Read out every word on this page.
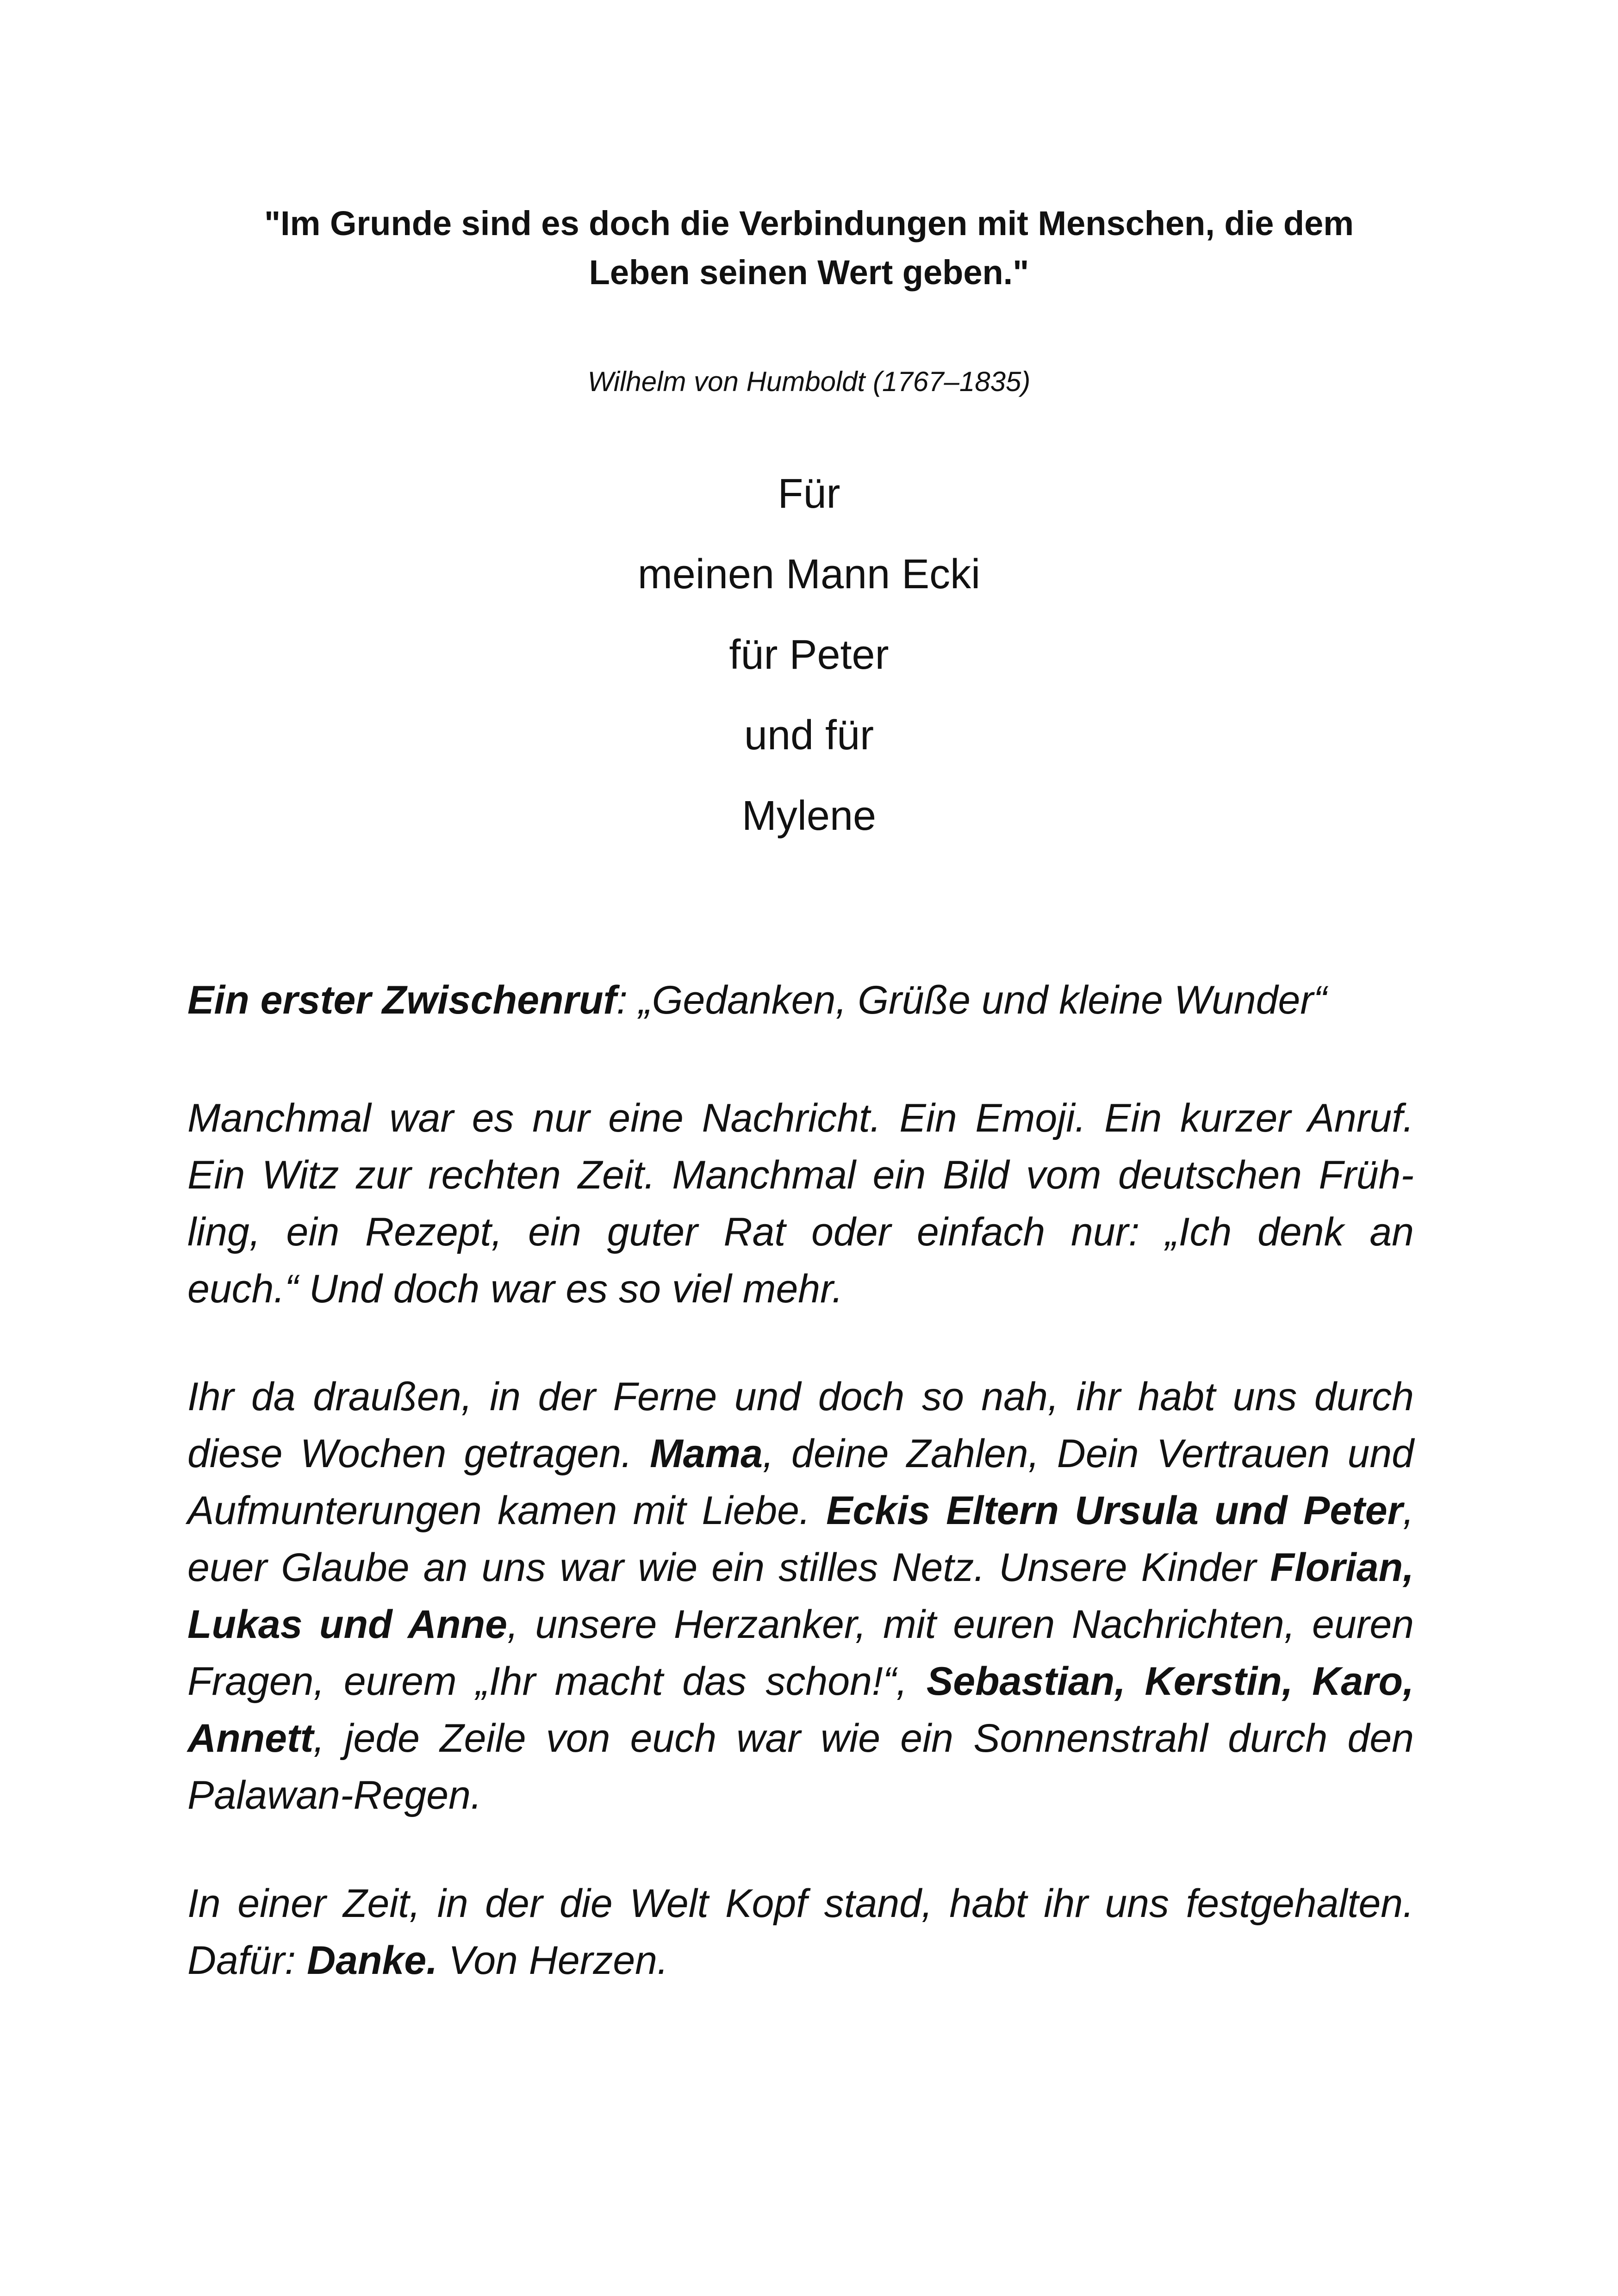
"Im Grunde sind es doch die Verbindungen mit Menschen, die dem
Leben seinen Wert geben."
Wilhelm von Humboldt (1767–1835)
Für
meinen Mann Ecki
für Peter
und für
Mylene
Ein erster Zwischenruf: „Gedanken, Grüße und kleine Wunder“
Manchmal war es nur eine Nachricht. Ein Emoji. Ein kurzer Anruf.
Ein Witz zur rechten Zeit. Manchmal ein Bild vom deutschen Früh-
ling, ein Rezept, ein guter Rat oder einfach nur: „Ich denk an
euch.“ Und doch war es so viel mehr.
Ihr da draußen, in der Ferne und doch so nah, ihr habt uns durch
diese Wochen getragen. Mama, deine Zahlen, Dein Vertrauen und
Aufmunterungen kamen mit Liebe. Eckis Eltern Ursula und Peter,
euer Glaube an uns war wie ein stilles Netz. Unsere Kinder Florian,
Lukas und Anne, unsere Herzanker, mit euren Nachrichten, euren
Fragen, eurem „Ihr macht das schon!“, Sebastian, Kerstin, Karo,
Annett, jede Zeile von euch war wie ein Sonnenstrahl durch den
Palawan-Regen.
In einer Zeit, in der die Welt Kopf stand, habt ihr uns festgehalten.
Dafür: Danke. Von Herzen.
